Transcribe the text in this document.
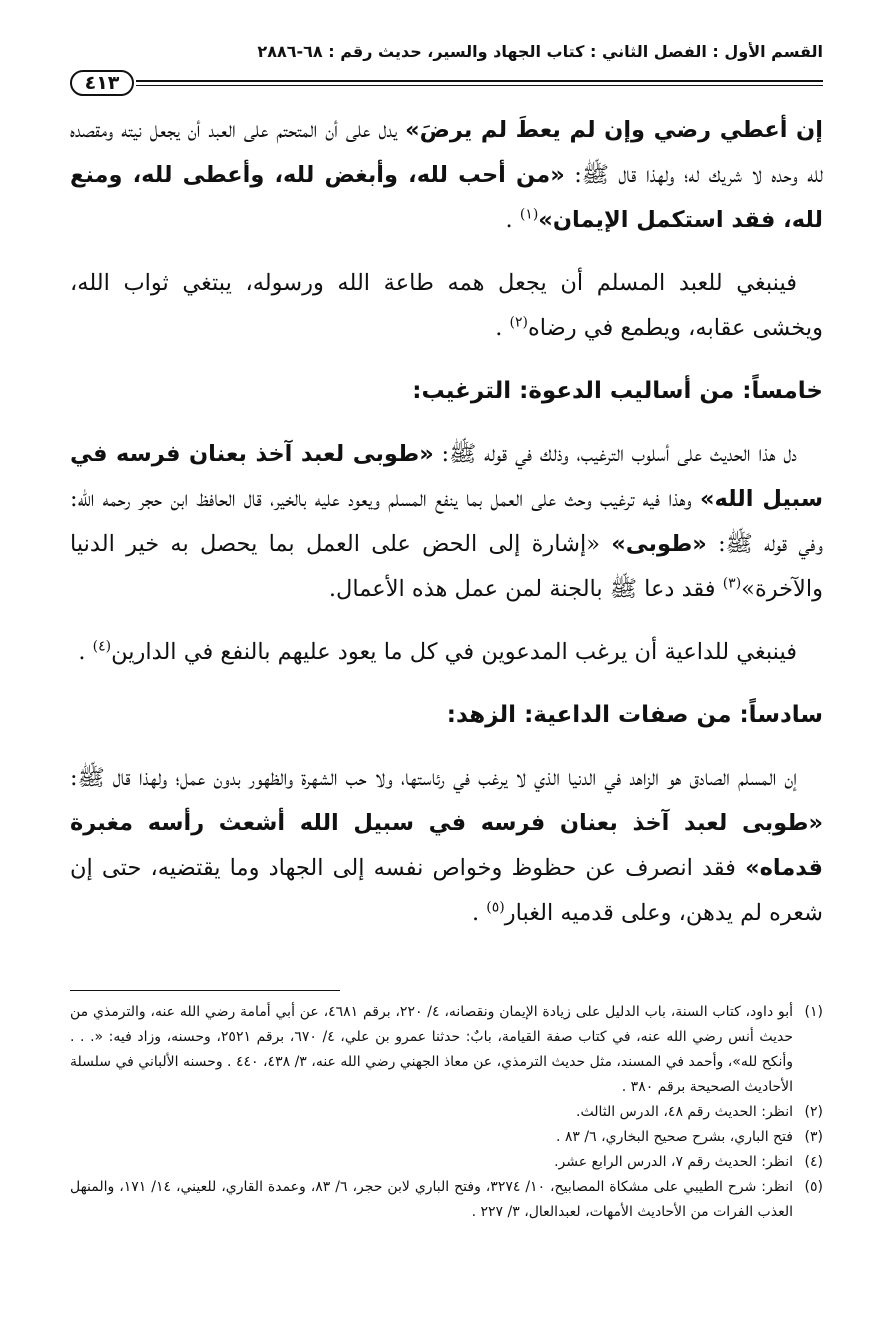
القسم الأول : الفصل الثاني : كتاب الجهاد والسير، حديث رقم : ٦٨-٢٨٨٦
٤١٣

إن أعطي رضي وإن لم يعطَ لم يرضَ» يدل على أن المتحتم على العبد أن يجعل نيته ومقصده لله وحده لا شريك له؛ ولهذا قال ﷺ: «من أحب لله، وأبغض لله، وأعطى لله، ومنع لله، فقد استكمل الإيمان»$^{(١)}$ .

فينبغي للعبد المسلم أن يجعل همه طاعة الله ورسوله، يبتغي ثواب الله، ويخشى عقابه، ويطمع في رضاه$^{(٢)}$ .

خامساً: من أساليب الدعوة: الترغيب:

دل هذا الحديث على أسلوب الترغيب، وذلك في قوله ﷺ: «طوبى لعبد آخذ بعنان فرسه في سبيل الله» وهذا فيه ترغيب وحث على العمل بما ينفع المسلم ويعود عليه بالخير، قال الحافظ ابن حجر رحمه الله: وفي قوله ﷺ: «طوبى» «إشارة إلى الحض على العمل بما يحصل به خير الدنيا والآخرة»$^{(٣)}$ فقد دعا ﷺ بالجنة لمن عمل هذه الأعمال.

فينبغي للداعية أن يرغب المدعوين في كل ما يعود عليهم بالنفع في الدارين$^{(٤)}$ .

سادساً: من صفات الداعية: الزهد:

إن المسلم الصادق هو الزاهد في الدنيا الذي لا يرغب في رئاستها، ولا حب الشهرة والظهور بدون عمل؛ ولهذا قال ﷺ: «طوبى لعبد آخذ بعنان فرسه في سبيل الله أشعث رأسه مغبرة قدماه» فقد انصرف عن حظوظ وخواص نفسه إلى الجهاد وما يقتضيه، حتى إن شعره لم يدهن، وعلى قدميه الغبار$^{(٥)}$ .

(١)
أبو داود، كتاب السنة، باب الدليل على زيادة الإيمان ونقصانه، ٤/ ٢٢٠، برقم ٤٦٨١، عن أبي أمامة رضي الله عنه، والترمذي من حديث أنس رضي الله عنه، في كتاب صفة القيامة، بابٌ: حدثنا عمرو بن علي، ٤/ ٦٧٠، برقم ٢٥٢١، وحسنه، وزاد فيه: «. . . وأنكح لله»، وأحمد في المسند، مثل حديث الترمذي، عن معاذ الجهني رضي الله عنه، ٣/ ٤٣٨، ٤٤٠ . وحسنه الألباني في سلسلة الأحاديث الصحيحة برقم ٣٨٠ .
(٢)
انظر: الحديث رقم ٤٨، الدرس الثالث.
(٣)
فتح الباري، بشرح صحيح البخاري، ٦/ ٨٣ .
(٤)
انظر: الحديث رقم ٧، الدرس الرابع عشر.
(٥)
انظر: شرح الطيبي على مشكاة المصابيح، ١٠/ ٣٢٧٤، وفتح الباري لابن حجر، ٦/ ٨٣، وعمدة القاري، للعيني، ١٤/ ١٧١، والمنهل العذب الفرات من الأحاديث الأمهات، لعبدالعال، ٣/ ٢٢٧ .
